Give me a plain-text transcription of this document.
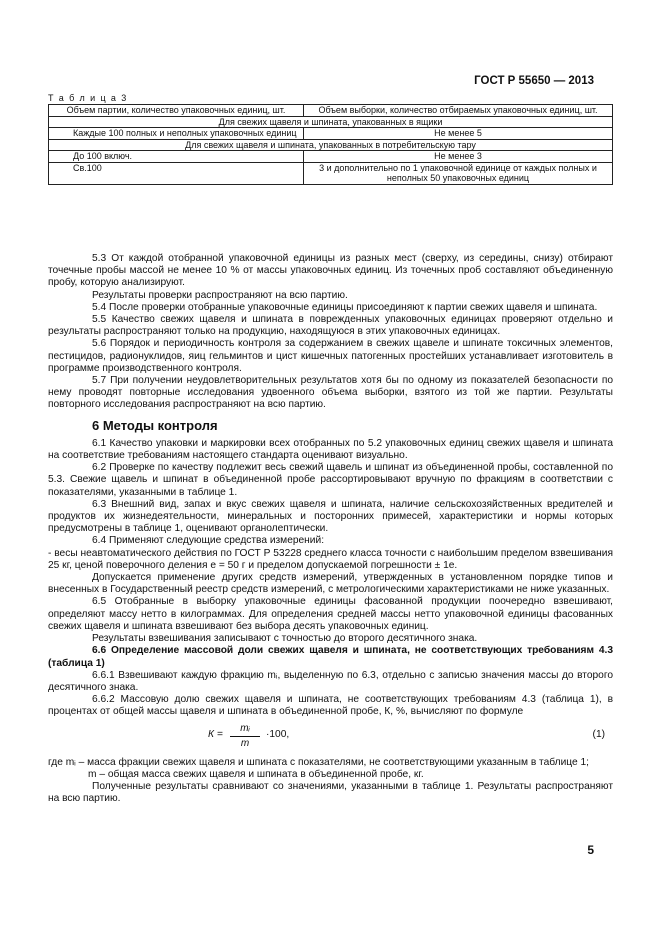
ГОСТ Р 55650 — 2013
Т а б л и ц а 3
Объем партии, количество упаковочных единиц, шт.	Объем выборки, количество отбираемых упаковочных единиц, шт.
Для свежих щавеля и шпината, упакованных в ящики	
Каждые 100 полных и неполных упаковочных единиц	Не менее 5
Для свежих щавеля и шпината, упакованных в потребительскую тару	
До 100 включ.	Не менее 3
Св.100	3 и дополнительно по 1 упаковочной единице от каждых полных и неполных 50 упаковочных единиц

5.3 От каждой отобранной упаковочной единицы из разных мест (сверху, из середины, снизу) отбирают точечные пробы массой не менее 10 % от массы упаковочных единиц. Из точечных проб составляют объединенную пробу, которую анализируют.

Результаты проверки распространяют на всю партию.

5.4 После проверки отобранные упаковочные единицы присоединяют к партии свежих щавеля и шпината.

5.5 Качество свежих щавеля и шпината в поврежденных упаковочных единицах проверяют отдельно и результаты распространяют только на продукцию, находящуюся в этих упаковочных единицах.

5.6 Порядок и периодичность контроля за содержанием в свежих щавеле и шпинате токсичных элементов, пестицидов, радионуклидов, яиц гельминтов и цист кишечных патогенных простейших устанавливает изготовитель в программе производственного контроля.

5.7 При получении неудовлетворительных результатов хотя бы по одному из показателей безопасности по нему проводят повторные исследования удвоенного объема выборки, взятого из той же партии. Результаты повторного исследования распространяют на всю партию.

6 Методы контроля

6.1 Качество упаковки и маркировки всех отобранных по 5.2 упаковочных единиц свежих щавеля и шпината на соответствие требованиям настоящего стандарта оценивают визуально.

6.2 Проверке по качеству подлежит весь свежий щавель и шпинат из объединенной пробы, составленной по 5.3. Свежие щавель и шпинат в объединенной пробе рассортировывают вручную по фракциям в соответствии с показателями, указанными в таблице 1.

6.3 Внешний вид, запах и вкус свежих щавеля и шпината, наличие сельскохозяйственных вредителей и продуктов их жизнедеятельности, минеральных и посторонних примесей, характеристики и нормы которых предусмотрены в таблице 1, оценивают органолептически.

6.4 Применяют следующие средства измерений:

- весы неавтоматического действия по ГОСТ Р 53228 среднего класса точности с наибольшим пределом взвешивания 25 кг, ценой поверочного деления е = 50 г и пределом допускаемой погрешности ± 1е.

Допускается применение других средств измерений, утвержденных в установленном порядке типов и внесенных в Государственный реестр средств измерений, с метрологическими характеристиками не ниже указанных.

6.5 Отобранные в выборку упаковочные единицы фасованной продукции поочередно взвешивают, определяют массу нетто в килограммах. Для определения средней массы нетто упаковочной единицы фасованных свежих щавеля и шпината взвешивают без выбора десять упаковочных единиц.

Результаты взвешивания записывают с точностью до второго десятичного знака.

6.6 Определение массовой доли свежих щавеля и шпината, не соответствующих требованиям 4.3 (таблица 1)

6.6.1 Взвешивают каждую фракцию mᵢ, выделенную по 6.3, отдельно с записью значения массы до второго десятичного знака.

6.6.2 Массовую долю свежих щавеля и шпината, не соответствующих требованиям 4.3 (таблица 1), в процентах от общей массы щавеля и шпината в объединенной пробе, К, %, вычисляют по формуле

$К = \frac{\text{mᵢ}}{m} \cdot 100$,	(1)

где mᵢ – масса фракции свежих щавеля и шпината с показателями, не соответствующими указанным в таблице 1;

m – общая масса свежих щавеля и шпината в объединенной пробе, кг.

Полученные результаты сравнивают со значениями, указанными в таблице 1. Результаты распространяют на всю партию.

5
